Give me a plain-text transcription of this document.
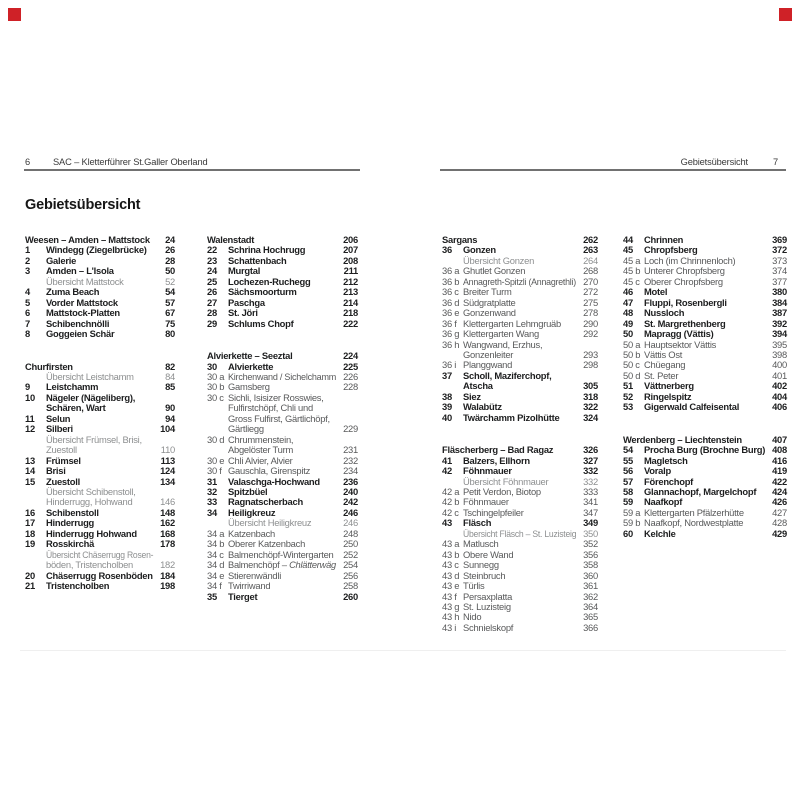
6 SAC – Kletterführer St.Galler Oberland	Gebietsübersicht	7
Gebietsübersicht
Weesen – Amden – Mattstock	24
1	Windegg (Ziegelbrücke)	26
2	Galerie	28
3	Amden – L'Isola	50
Übersicht Mattstock	52
4	Zuma Beach	54
5	Vorder Mattstock	57
6	Mattstock-Platten	67
7	Schibenchnölli	75
8	Goggeien Schär	80
Churfirsten	82
Übersicht Leistchamm	84
9	Leistchamm	85
10	Nägeler (Nägeliberg),
Schären, Wart	90
11	Selun	94
12	Silberi	104
Übersicht Frümsel, Brisi,
Zuestoll	110
13	Frümsel	113
14	Brisi	124
15	Zuestoll	134
Übersicht Schibenstoll,
Hinderrugg, Hohwand	146
16	Schibenstoll	148
17	Hinderrugg	162
18	Hinderrugg Hohwand	168
19	Rosskirchä	178
Übersicht Chäserrugg Rosen-
böden, Tristencholben	182
20	Chäserrugg Rosenböden 184
21	Tristencholben	198
Walenstadt	206
22	Schrina Hochrugg	207
23	Schattenbach	208
24	Murgtal	211
25	Lochezen-Ruchegg	212
26	Sächsmoorturm	213
27	Paschga	214
28	St. Jöri	218
29	Schlums Chopf	222
Alvierkette – Seeztal	224
30	Alvierkette	225
30 a Kirchenwand / Sichelchamm 226
30 b Gamsberg	228
30 c Sichli, Isisizer Rosswies,
Fulfirstchöpf, Chli und
Gross Fulfirst, Gärtlichöpf,
Gärtliegg	229
30 d Chrummenstein,
Abgelöster Turm	231
30 e Chli Alvier, Alvier	232
30 f Gauschla, Girenspitz	234
31	Valaschga-Hochwand	236
32	Spitzbüel	240
33	Ragnatscherbach	242
34	Heiligkreuz	246
Übersicht Heiligkreuz	246
34 a Katzenbach	248
34 b Oberer Katzenbach	250
34 c Balmenchöpf-Wintergarten	252
34 d Balmenchöpf – Chlätterwäg 254
34 e Stierenwändli	256
34 f Twirriwand	258
35	Tierget	260
Sargans	262
36	Gonzen	263
Übersicht Gonzen	264
36 a Ghutlet Gonzen	268
36 b Annagreth-Spitzli (Annagrethli) 270
36 c Breiter Turm	272
36 d Südgratplatte	275
36 e Gonzenwand	278
36 f Klettergarten Lehmgruäb	290
36 g Klettergarten Wang	292
36 h Wangwand, Erzhus,
Gonzenleiter	293
36 i Planggwand	298
37	Scholl, Maziferchopf,
Atscha	305
38	Siez	318
39	Walabütz	322
40	Twärchamm Pizolhütte	324
Fläscherberg – Bad Ragaz	326
41	Balzers, Ellhorn	327
42	Föhnmauer	332
Übersicht Föhnmauer	332
42 a Petit Verdon, Biotop	333
42 b Föhnmauer	341
42 c Tschingelpfeiler	347
43	Fläsch	349
Übersicht Fläsch – St. Luzisteig 350
43 a Matlusch	352
43 b Obere Wand	356
43 c Sunnegg	358
43 d Steinbruch	360
43 e Türlis	361
43 f Persaxplatta	362
43 g St. Luzisteig	364
43 h Nido	365
43 i Schnielskopf	366
44	Chrinnen	369
45	Chropfsberg	372
45 a Loch (im Chrinnenloch)	373
45 b Unterer Chropfsberg	374
45 c Oberer Chropfsberg	377
46	Motel	380
47	Fluppi, Rosenbergli	384
48	Nussloch	387
49	St. Margrethenberg	392
50	Mapragg (Vättis)	394
50 a Hauptsektor Vättis	395
50 b Vättis Ost	398
50 c Chüegang	400
50 d St. Peter	401
51	Vättnerberg	402
52	Ringelspitz	404
53	Gigerwald Calfeisental	406
Werdenberg – Liechtenstein	407
54	Procha Burg (Brochne Burg) 408
55	Magletsch	416
56	Voralp	419
57	Förenchopf	422
58	Glannachopf, Margelchopf	424
59	Naafkopf	426
59 a Klettergarten Pfälzerhütte	427
59 b Naafkopf, Nordwestplatte	428
60	Kelchle	429
